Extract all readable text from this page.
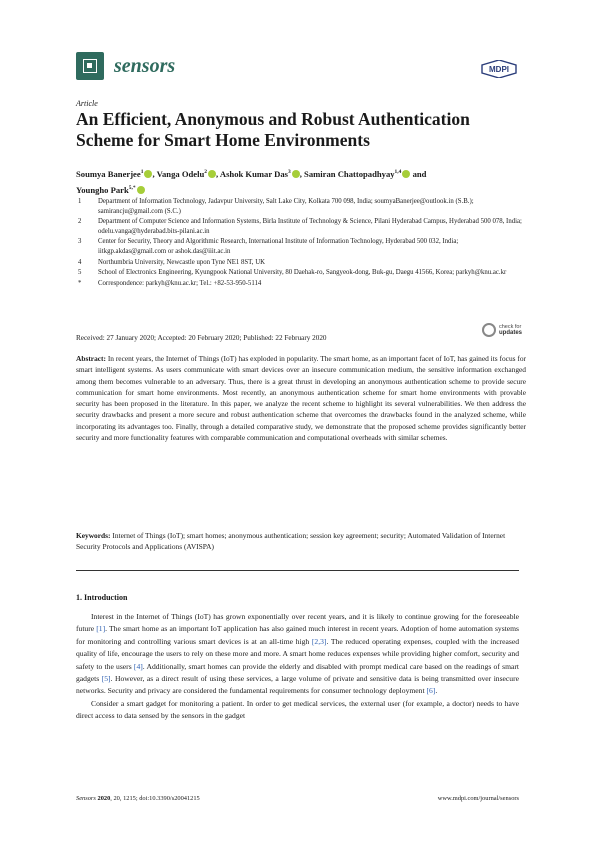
sensors	MDPI
Article
An Efficient, Anonymous and Robust Authentication Scheme for Smart Home Environments
Soumya Banerjee$^1$ , Vanga Odelu$^2$ , Ashok Kumar Das$^3$ , Samiran Chattopadhyay$^{1,4}$ and
Youngho Park$^{5,*}$
1	Department of Information Technology, Jadavpur University, Salt Lake City, Kolkata 700 098, India; soumyaBanerjee@outlook.in (S.B.); samirancju@gmail.com (S.C.)
2	Department of Computer Science and Information Systems, Birla Institute of Technology & Science, Pilani Hyderabad Campus, Hyderabad 500 078, India; odelu.vanga@hyderabad.bits-pilani.ac.in
3	Center for Security, Theory and Algorithmic Research, International Institute of Information Technology, Hyderabad 500 032, India; iitkgp.akdas@gmail.com or ashok.das@iiit.ac.in
4	Northumbria University, Newcastle upon Tyne NE1 8ST, UK
5	School of Electronics Engineering, Kyungpook National University, 80 Daehak-ro, Sangyeok-dong, Buk-gu, Daegu 41566, Korea; parkyh@knu.ac.kr
*	Correspondence: parkyh@knu.ac.kr; Tel.: +82-53-950-5114
check for
updates
Received: 27 January 2020; Accepted: 20 February 2020; Published: 22 February 2020
Abstract: In recent years, the Internet of Things (IoT) has exploded in popularity. The smart home, as an important facet of IoT, has gained its focus for smart intelligent systems. As users communicate with smart devices over an insecure communication medium, the sensitive information exchanged among them becomes vulnerable to an adversary. Thus, there is a great thrust in developing an anonymous authentication scheme to provide secure communication for smart home environments. Most recently, an anonymous authentication scheme for smart home environments with provable security has been proposed in the literature. In this paper, we analyze the recent scheme to highlight its several vulnerabilities. We then address the security drawbacks and present a more secure and robust authentication scheme that overcomes the drawbacks found in the analyzed scheme, while incorporating its advantages too. Finally, through a detailed comparative study, we demonstrate that the proposed scheme provides significantly better security and more functionality features with comparable communication and computational overheads with similar schemes.
Keywords: Internet of Things (IoT); smart homes; anonymous authentication; session key agreement; security; Automated Validation of Internet Security Protocols and Applications (AVISPA)
1. Introduction

Interest in the Internet of Things (IoT) has grown exponentially over recent years, and it is likely to continue growing for the foreseeable future [1]. The smart home as an important IoT application has also gained much interest in recent years. Adoption of home automation systems for monitoring and controlling various smart devices is at an all-time high [2,3]. The reduced operating expenses, coupled with the increased quality of life, encourage the users to rely on these more and more. A smart home reduces expenses while providing higher comfort, security and safety to the users [4]. Additionally, smart homes can provide the elderly and disabled with prompt medical care based on the readings of smart gadgets [5]. However, as a direct result of using these services, a large volume of private and sensitive data is being transmitted over insecure networks. Security and privacy are considered the fundamental requirements for consumer technology deployment [6].

Consider a smart gadget for monitoring a patient. In order to get medical services, the external user (for example, a doctor) needs to have direct access to data sensed by the sensors in the gadget

Sensors 2020, 20, 1215; doi:10.3390/s20041215	www.mdpi.com/journal/sensors
